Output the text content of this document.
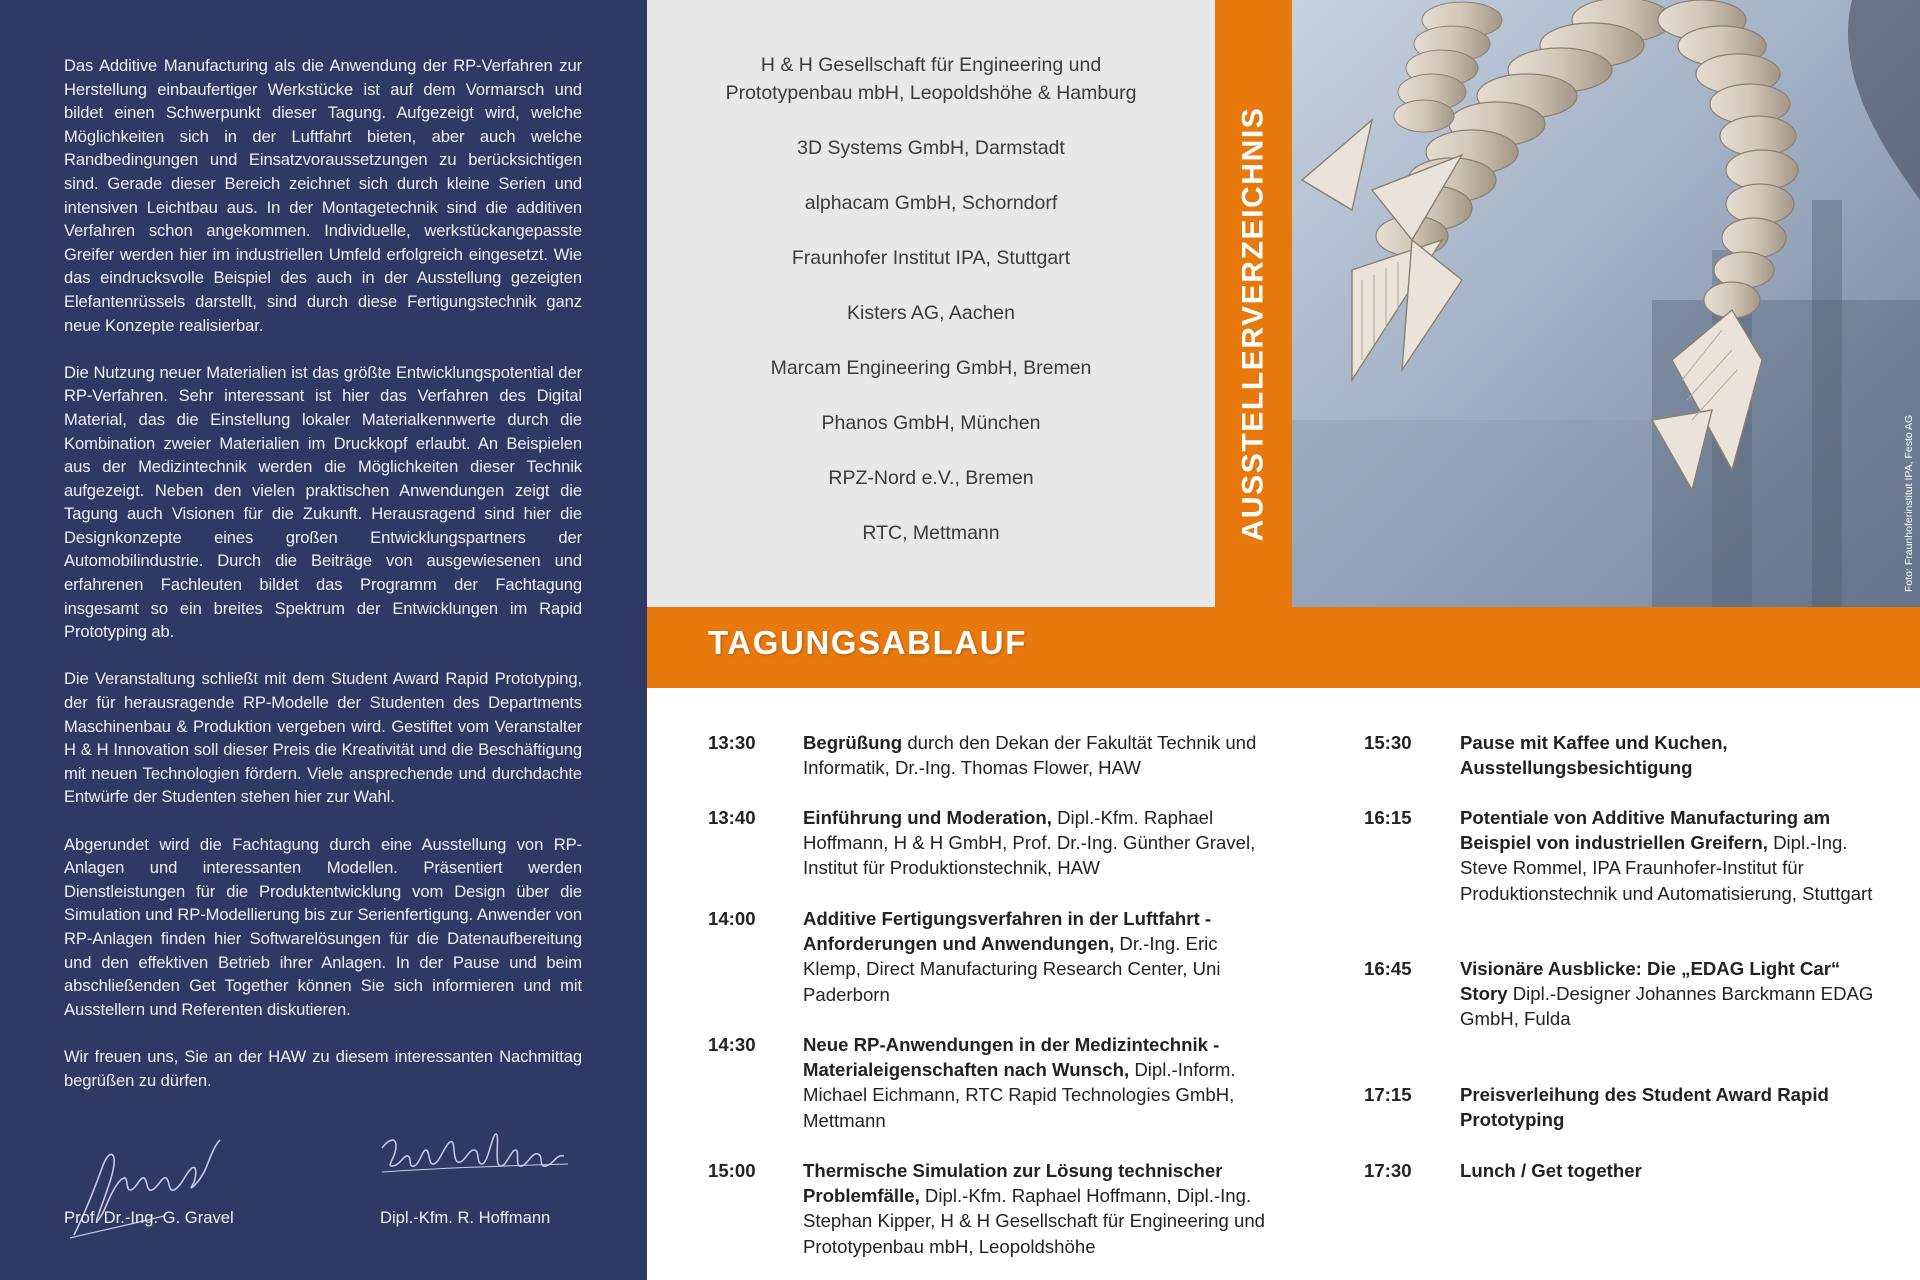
Das Additive Manufacturing als die Anwendung der RP-Verfahren zur Herstellung einbaufertiger Werkstücke ist auf dem Vormarsch und bildet einen Schwerpunkt dieser Tagung. Aufgezeigt wird, welche Möglichkeiten sich in der Luftfahrt bieten, aber auch welche Randbedingungen und Einsatzvoraussetzungen zu berücksichtigen sind. Gerade dieser Bereich zeichnet sich durch kleine Serien und intensiven Leichtbau aus. In der Montagetechnik sind die additiven Verfahren schon angekommen. Individuelle, werkstückangepasste Greifer werden hier im industriellen Umfeld erfolgreich eingesetzt. Wie das eindrucksvolle Beispiel des auch in der Ausstellung gezeigten Elefantenrüssels darstellt, sind durch diese Fertigungstechnik ganz neue Konzepte realisierbar.

Die Nutzung neuer Materialien ist das größte Entwicklungspotential der RP-Verfahren. Sehr interessant ist hier das Verfahren des Digital Material, das die Einstellung lokaler Materialkennwerte durch die Kombination zweier Materialien im Druckkopf erlaubt. An Beispielen aus der Medizintechnik werden die Möglichkeiten dieser Technik aufgezeigt. Neben den vielen praktischen Anwendungen zeigt die Tagung auch Visionen für die Zukunft. Herausragend sind hier die Designkonzepte eines großen Entwicklungspartners der Automobilindustrie. Durch die Beiträge von ausgewiesenen und erfahrenen Fachleuten bildet das Programm der Fachtagung insgesamt so ein breites Spektrum der Entwicklungen im Rapid Prototyping ab.

Die Veranstaltung schließt mit dem Student Award Rapid Prototyping, der für herausragende RP-Modelle der Studenten des Departments Maschinenbau & Produktion vergeben wird. Gestiftet vom Veranstalter H & H Innovation soll dieser Preis die Kreativität und die Beschäftigung mit neuen Technologien fördern. Viele ansprechende und durchdachte Entwürfe der Studenten stehen hier zur Wahl.

Abgerundet wird die Fachtagung durch eine Ausstellung von RP-Anlagen und interessanten Modellen. Präsentiert werden Dienstleistungen für die Produktentwicklung vom Design über die Simulation und RP-Modellierung bis zur Serienfertigung. Anwender von RP-Anlagen finden hier Softwarelösungen für die Datenaufbereitung und den effektiven Betrieb ihrer Anlagen. In der Pause und beim abschließenden Get Together können Sie sich informieren und mit Ausstellern und Referenten diskutieren.

Wir freuen uns, Sie an der HAW zu diesem interessanten Nachmittag begrüßen zu dürfen.

Prof. Dr.-Ing. G. Gravel	Dipl.-Kfm. R. Hoffmann
H & H Gesellschaft für Engineering und
Prototypenbau mbH, Leopoldshöhe & Hamburg
3D Systems GmbH, Darmstadt
alphacam GmbH, Schorndorf
Fraunhofer Institut IPA, Stuttgart
Kisters AG, Aachen
Marcam Engineering GmbH, Bremen
Phanos GmbH, München
RPZ-Nord e.V., Bremen
RTC, Mettmann	AUSSTELLERVERZEICHNIS
TAGUNGSABLAUF
Foto: Fraunhoferinstitut IPA, Festo AG
13:30	Begrüßung durch den Dekan der Fakultät Technik und Informatik, Dr.-Ing. Thomas Flower, HAW
13:40	Einführung und Moderation, Dipl.-Kfm. Raphael Hoffmann, H & H GmbH, Prof. Dr.-Ing. Günther Gravel, Institut für Produktionstechnik, HAW
14:00	Additive Fertigungsverfahren in der Luftfahrt - Anforderungen und Anwendungen, Dr.-Ing. Eric Klemp, Direct Manufacturing Research Center, Uni Paderborn
14:30	Neue RP-Anwendungen in der Medizintechnik - Materialeigenschaften nach Wunsch, Dipl.-Inform. Michael Eichmann, RTC Rapid Technologies GmbH, Mettmann
15:00	Thermische Simulation zur Lösung technischer Problemfälle, Dipl.-Kfm. Raphael Hoffmann, Dipl.-Ing. Stephan Kipper, H & H Gesellschaft für Engineering und Prototypenbau mbH, Leopoldshöhe
15:30	Pause mit Kaffee und Kuchen, Ausstellungsbesichtigung
16:15	Potentiale von Additive Manufacturing am Beispiel von industriellen Greifern, Dipl.-Ing. Steve Rommel, IPA Fraunhofer-Institut für Produktionstechnik und Automatisierung, Stuttgart
16:45	Visionäre Ausblicke: Die „EDAG Light Car“ Story Dipl.-Designer Johannes Barckmann EDAG GmbH, Fulda
17:15	Preisverleihung des Student Award Rapid Prototyping
17:30	Lunch / Get together
